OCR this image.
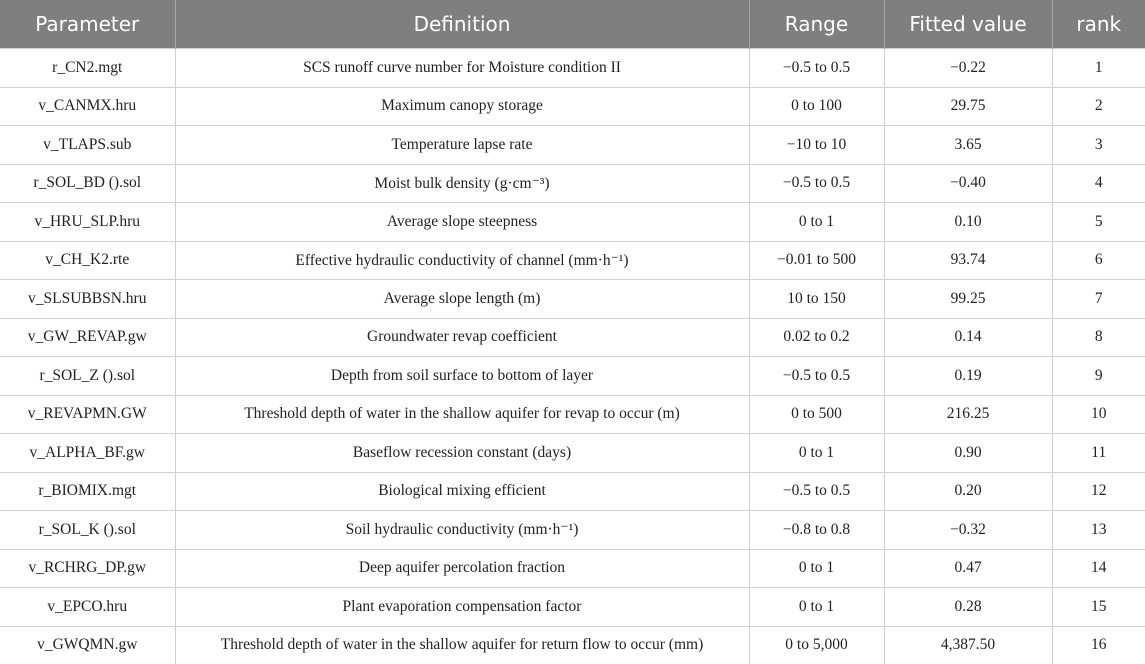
Parameter	Definition	Range	Fitted value	rank
r_CN2.mgt	SCS runoff curve number for Moisture condition II	−0.5 to 0.5	−0.22	1
v_CANMX.hru	Maximum canopy storage	0 to 100	29.75	2
v_TLAPS.sub	Temperature lapse rate	−10 to 10	3.65	3
r_SOL_BD ().sol	Moist bulk density (g·cm⁻³)	−0.5 to 0.5	−0.40	4
v_HRU_SLP.hru	Average slope steepness	0 to 1	0.10	5
v_CH_K2.rte	Effective hydraulic conductivity of channel (mm·h⁻¹)	−0.01 to 500	93.74	6
v_SLSUBBSN.hru	Average slope length (m)	10 to 150	99.25	7
v_GW_REVAP.gw	Groundwater revap coefficient	0.02 to 0.2	0.14	8
r_SOL_Z ().sol	Depth from soil surface to bottom of layer	−0.5 to 0.5	0.19	9
v_REVAPMN.GW	Threshold depth of water in the shallow aquifer for revap to occur (m)	0 to 500	216.25	10
v_ALPHA_BF.gw	Baseflow recession constant (days)	0 to 1	0.90	11
r_BIOMIX.mgt	Biological mixing efficient	−0.5 to 0.5	0.20	12
r_SOL_K ().sol	Soil hydraulic conductivity (mm·h⁻¹)	−0.8 to 0.8	−0.32	13
v_RCHRG_DP.gw	Deep aquifer percolation fraction	0 to 1	0.47	14
v_EPCO.hru	Plant evaporation compensation factor	0 to 1	0.28	15
v_GWQMN.gw	Threshold depth of water in the shallow aquifer for return flow to occur (mm)	0 to 5,000	4,387.50	16
